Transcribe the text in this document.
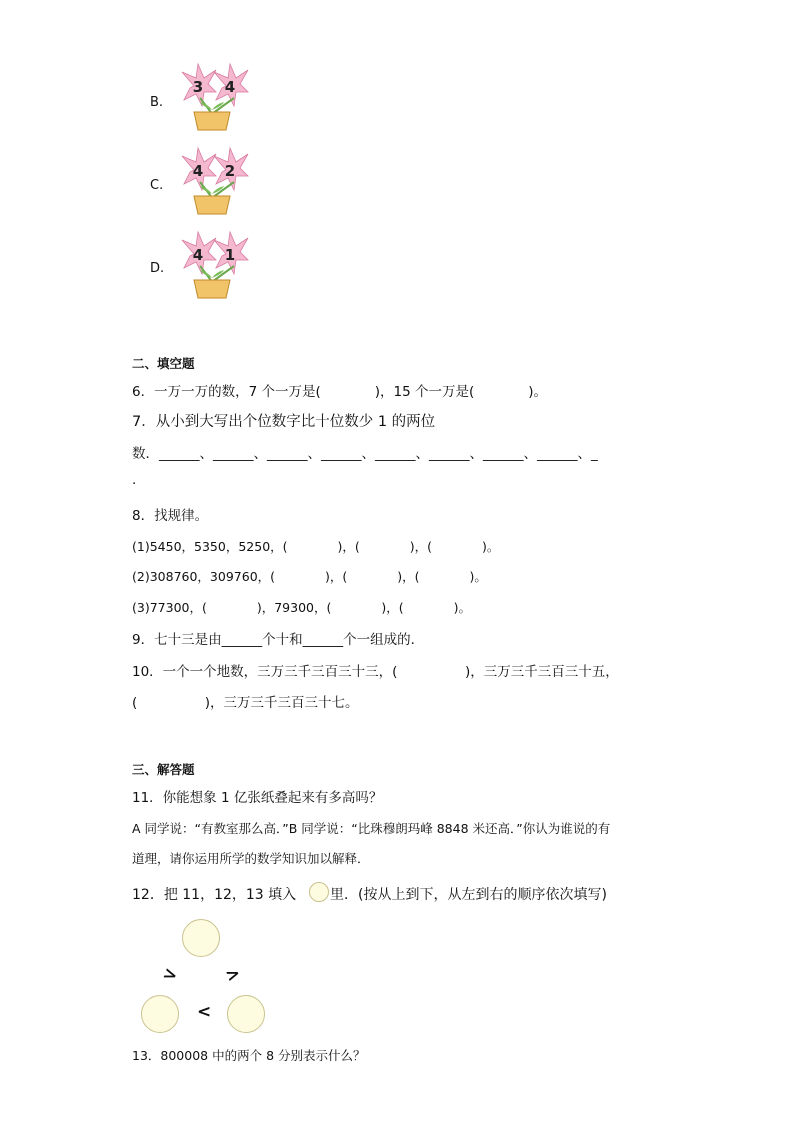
B.
3 4
C.
4 2
D.
4 1
二、填空题
6．一万一万的数，7 个一万是(　　　　)，15 个一万是(　　　　)。
7．从小到大写出个位数字比十位数少 1 的两位
数．______、______、______、______、______、______、______、______、_
.
8．找规律。
(1)5450，5350，5250，(　　　　)，(　　　　)，(　　　　)。
(2)308760，309760，(　　　　)，(　　　　)，(　　　　)。
(3)77300，(　　　　)，79300，(　　　　)，(　　　　)。
9．七十三是由______个十和______个一组成的．
10．一个一个地数，三万三千三百三十三，(　　　　　)，三万三千三百三十五，
(　　　　　)，三万三千三百三十七。
三、解答题
11．你能想象 1 亿张纸叠起来有多高吗？
A 同学说：“有教室那么高．”B 同学说：“比珠穆朗玛峰 8848 米还高．”你认为谁说的有
道理，请你运用所学的数学知识加以解释．
12．把 11，12，13 填入 里．(按从上到下，从左到右的顺序依次填写)
>	>
<
13．800008 中的两个 8 分别表示什么？
